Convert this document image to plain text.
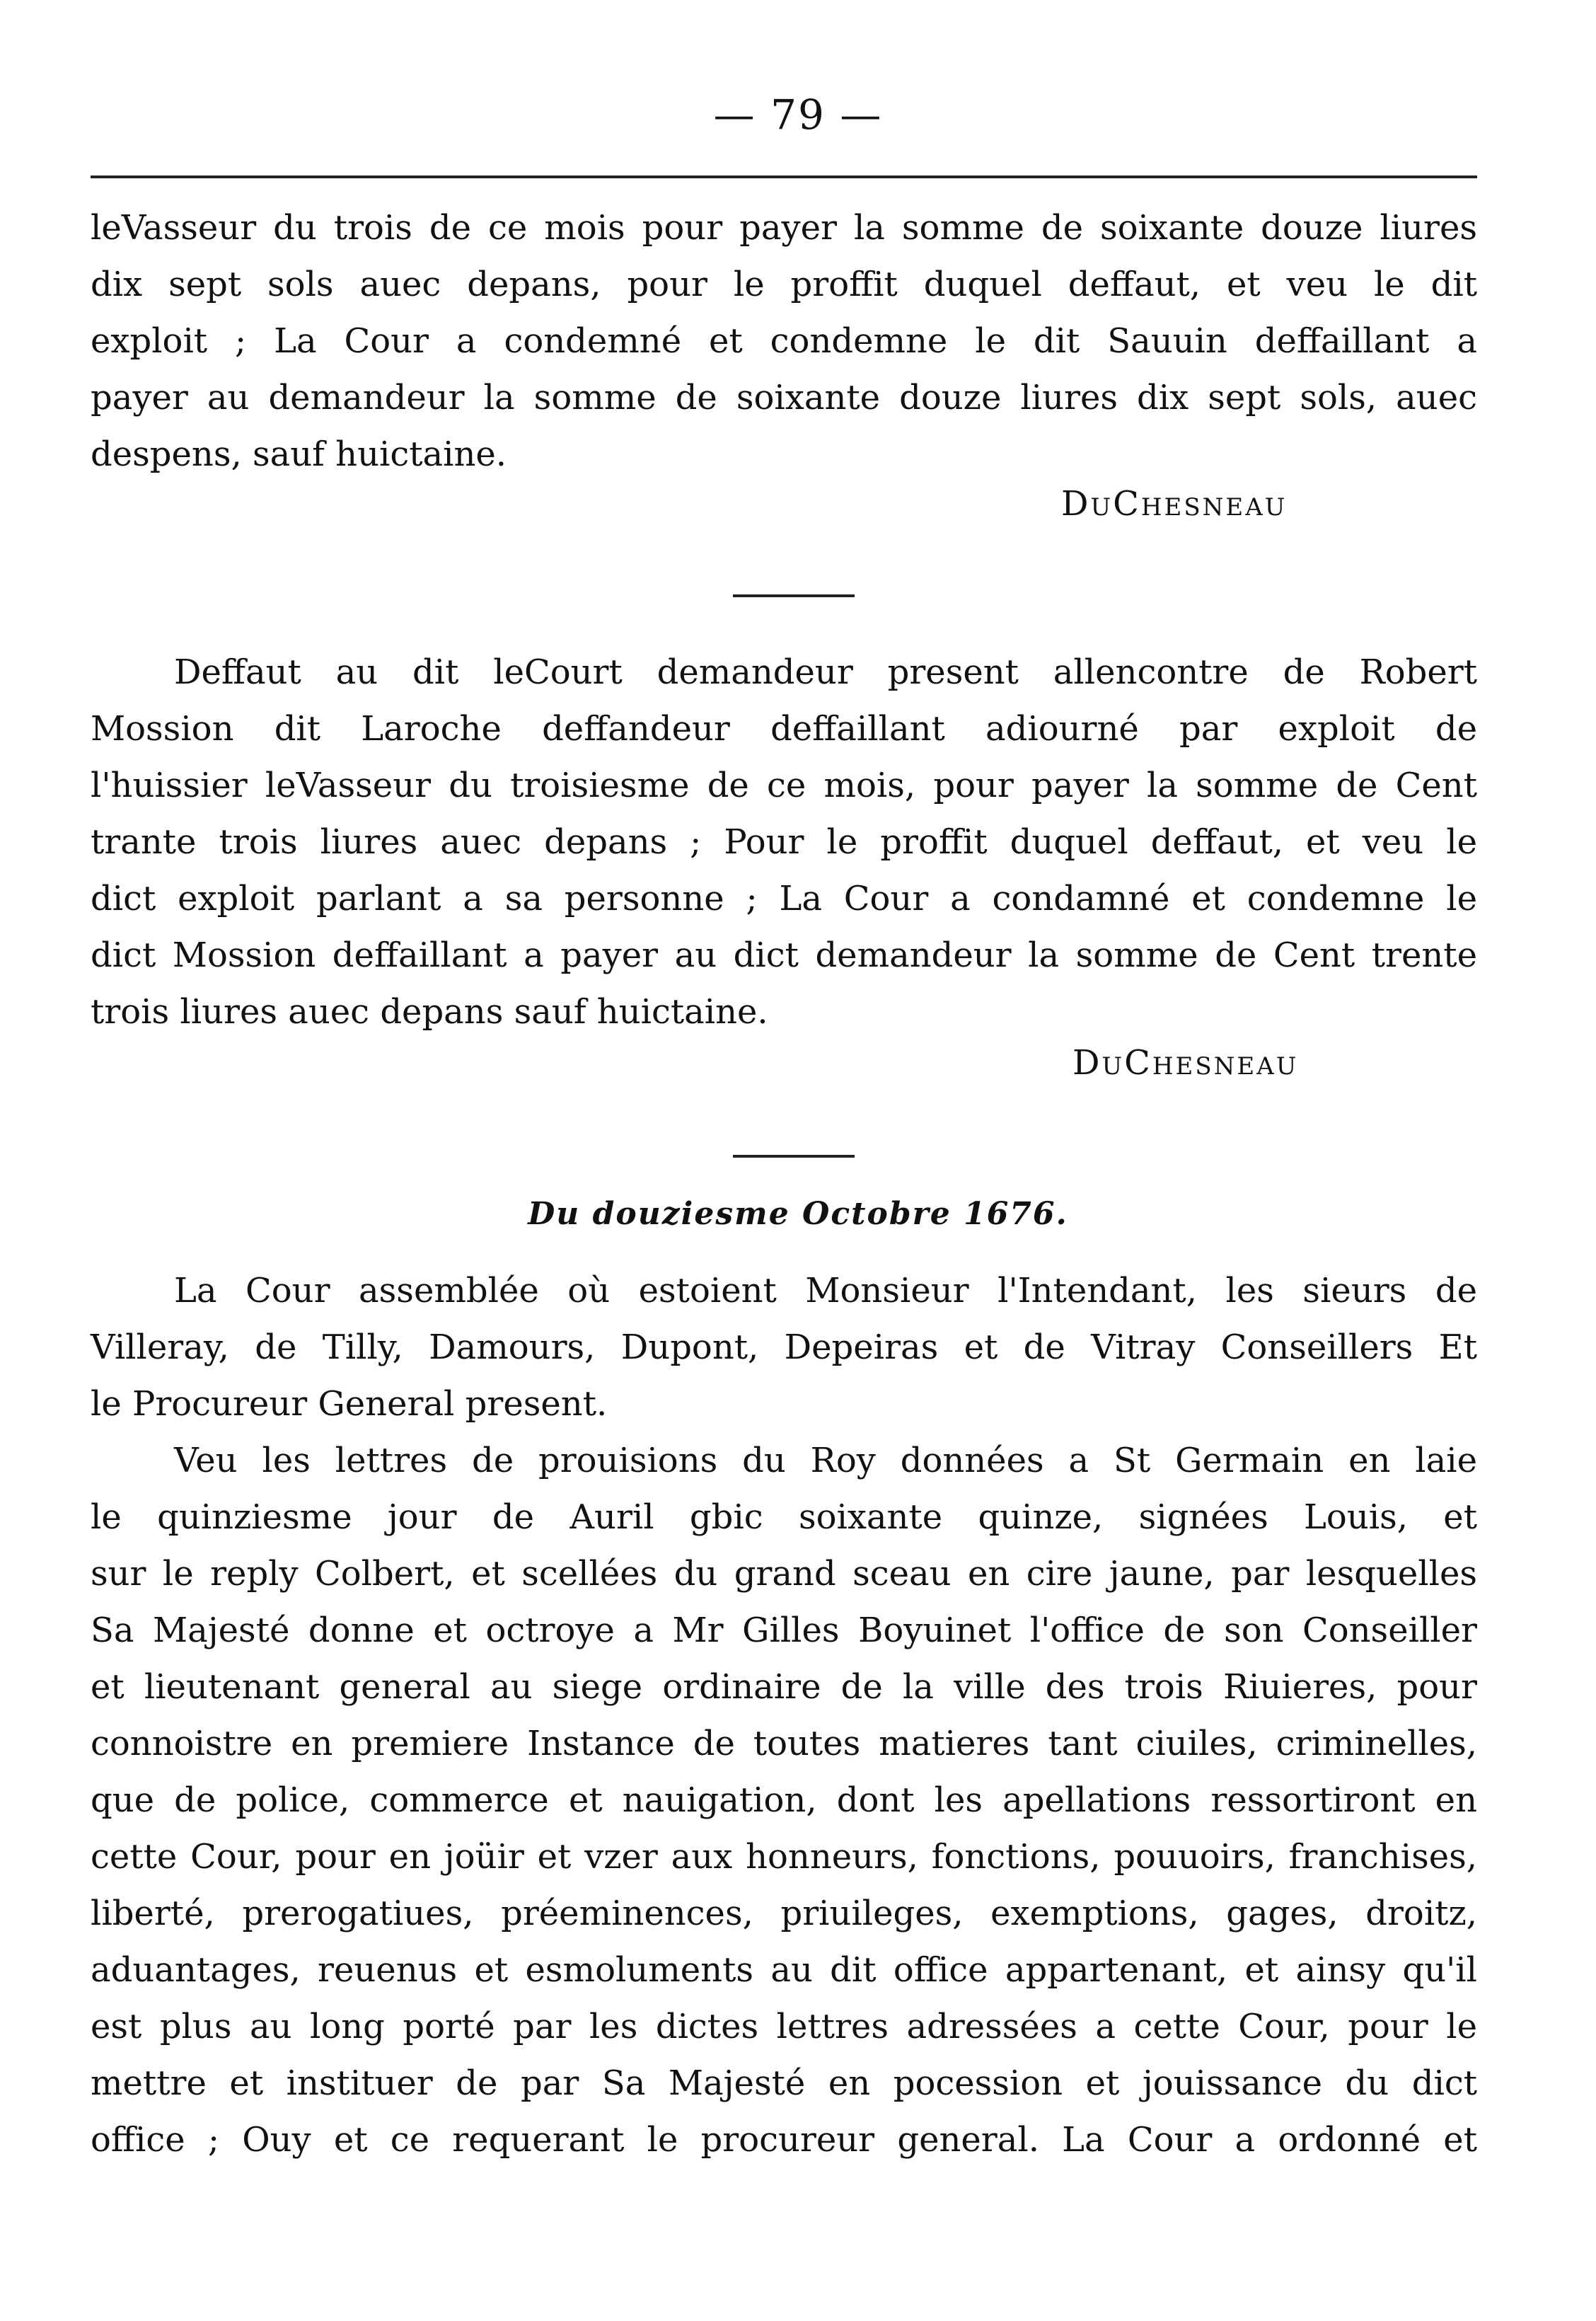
— 79 —
leVasseur du trois de ce mois pour payer la somme de soixante douze liures
dix sept sols auec depans, pour le proffit duquel deffaut, et veu le dit
exploit ; La Cour a condemné et condemne le dit Sauuin deffaillant a
payer au demandeur la somme de soixante douze liures dix sept sols, auec
despens, sauf huictaine.
DuChesneau
Deffaut au dit leCourt demandeur present allencontre de Robert
Mossion dit Laroche deffandeur deffaillant adiourné par exploit de
l'huissier leVasseur du troisiesme de ce mois, pour payer la somme de Cent
trante trois liures auec depans ; Pour le proffit duquel deffaut, et veu le
dict exploit parlant a sa personne ; La Cour a condamné et condemne le
dict Mossion deffaillant a payer au dict demandeur la somme de Cent trente
trois liures auec depans sauf huictaine.
DuChesneau
Du douziesme Octobre 1676.
La Cour assemblée où estoient Monsieur l'Intendant, les sieurs de
Villeray, de Tilly, Damours, Dupont, Depeiras et de Vitray Conseillers Et
le Procureur General present.
Veu les lettres de prouisions du Roy données a St Germain en laie
le quinziesme jour de Auril gbic soixante quinze, signées Louis, et
sur le reply Colbert, et scellées du grand sceau en cire jaune, par lesquelles
Sa Majesté donne et octroye a Mr Gilles Boyuinet l'office de son Conseiller
et lieutenant general au siege ordinaire de la ville des trois Riuieres, pour
connoistre en premiere Instance de toutes matieres tant ciuiles, criminelles,
que de police, commerce et nauigation, dont les apellations ressortiront en
cette Cour, pour en joüir et vzer aux honneurs, fonctions, pouuoirs, franchises,
liberté, prerogatiues, préeminences, priuileges, exemptions, gages, droitz,
aduantages, reuenus et esmoluments au dit office appartenant, et ainsy qu'il
est plus au long porté par les dictes lettres adressées a cette Cour, pour le
mettre et instituer de par Sa Majesté en pocession et jouissance du dict
office ; Ouy et ce requerant le procureur general. La Cour a ordonné et
